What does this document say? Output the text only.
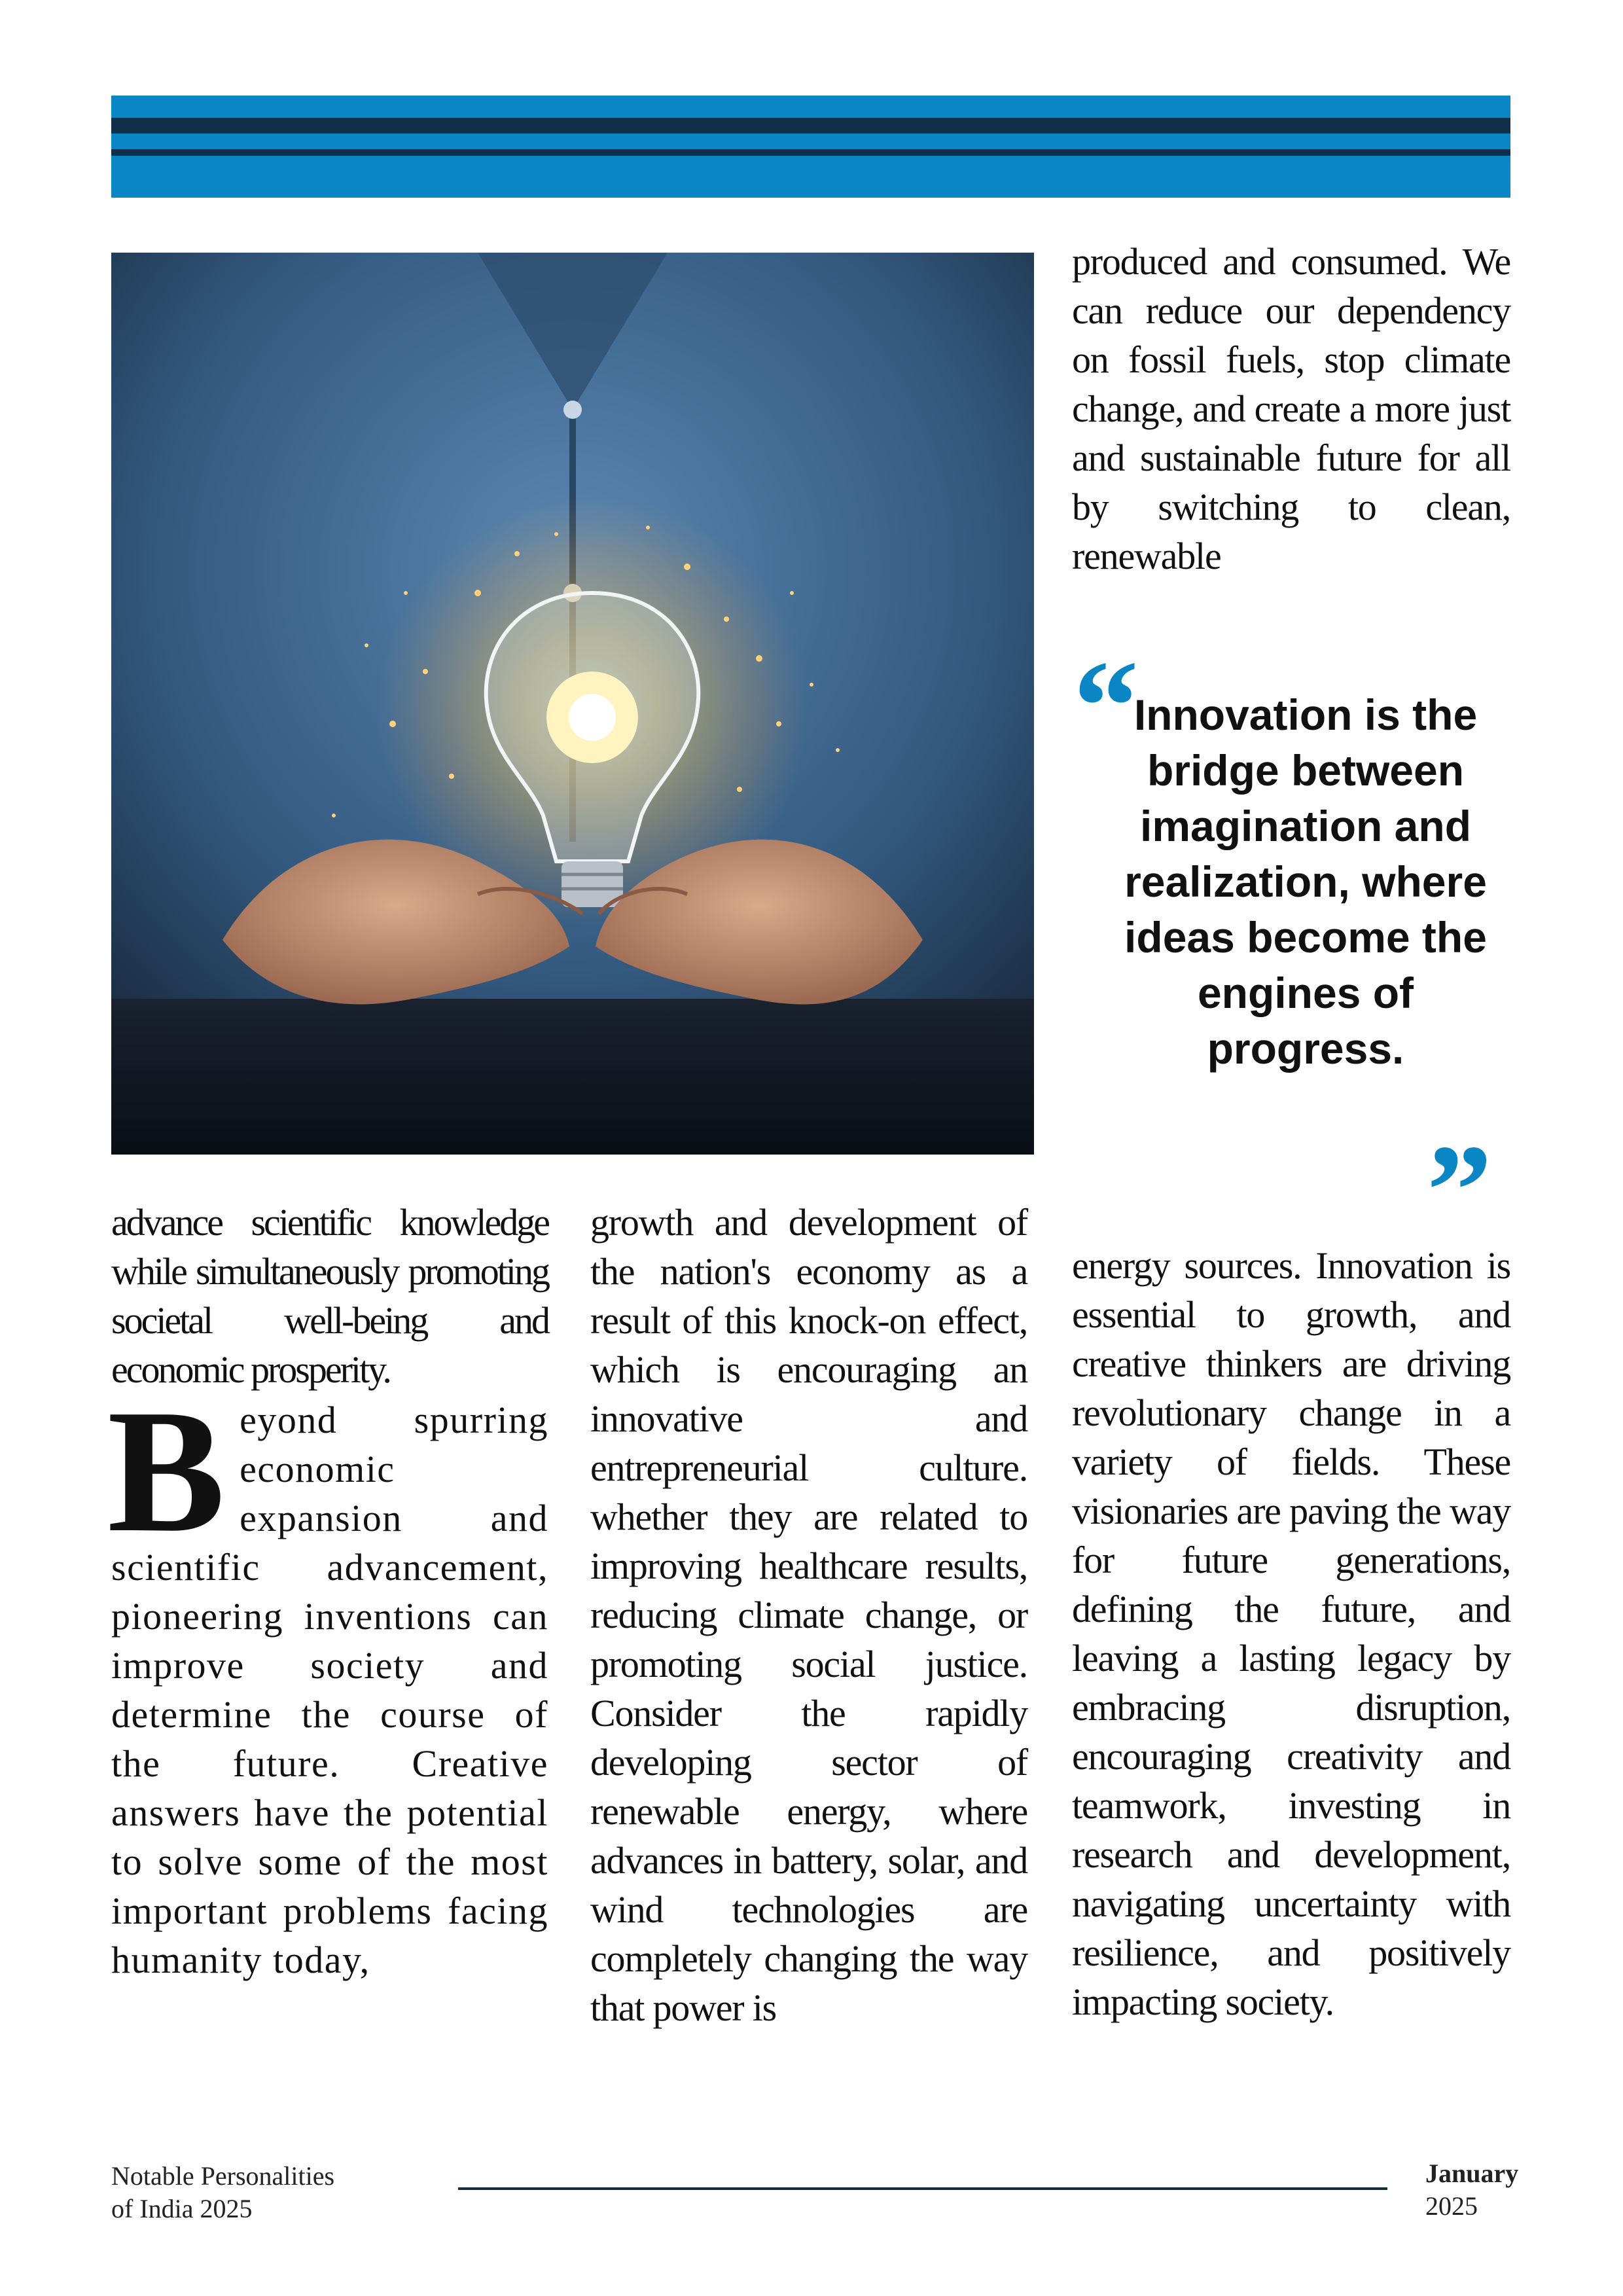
produced and consumed. We can reduce our dependency on fossil fuels, stop climate change, and create a more just and sustainable future for all by switching to clean, renewable

“
Innovation is the bridge between imagination and realization, where ideas become the engines of progress.
”

advance scientific knowledge while simultaneously promoting societal well-being and economic prosperity.

Beyond spurring economic expansion and scientific advancement, pioneering inventions can improve society and determine the course of the future. Creative answers have the potential to solve some of the most important problems facing humanity today,

growth and development of the nation's economy as a result of this knock-on effect, which is encouraging an innovative and entrepreneurial culture. whether they are related to improving healthcare results, reducing climate change, or promoting social justice. Consider the rapidly developing sector of renewable energy, where advances in battery, solar, and wind technologies are completely changing the way that power is

energy sources. Innovation is essential to growth, and creative thinkers are driving revolutionary change in a variety of fields. These visionaries are paving the way for future generations, defining the future, and leaving a lasting legacy by embracing disruption, encouraging creativity and teamwork, investing in research and development, navigating uncertainty with resilience, and positively impacting society.

Notable Personalities
of India 2025
January
2025
